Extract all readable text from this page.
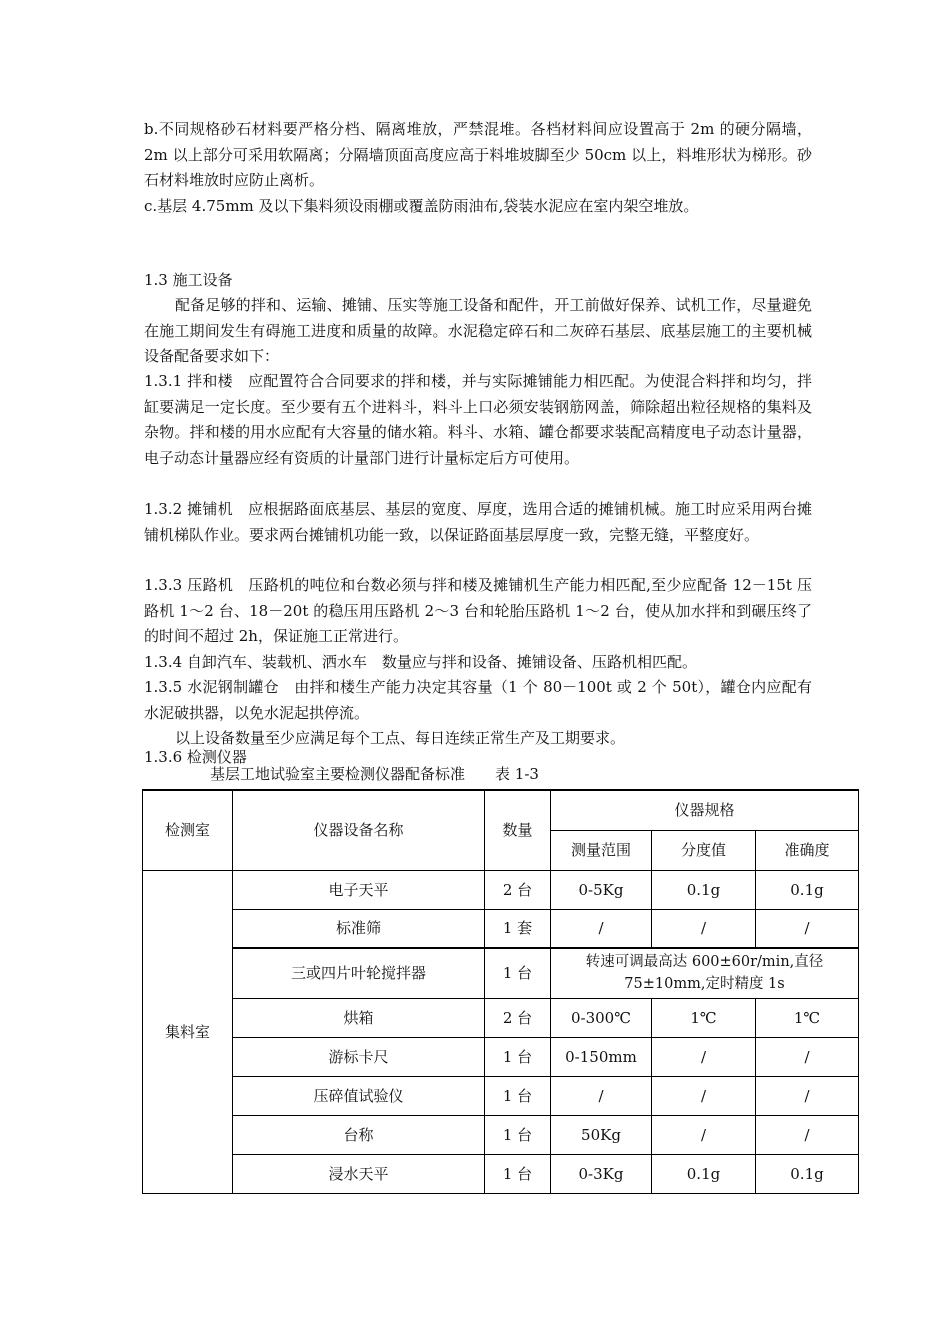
b.不同规格砂石材料要严格分档、隔离堆放，严禁混堆。各档材料间应设置高于 2m 的硬分隔墙，2m 以上部分可采用软隔离；分隔墙顶面高度应高于料堆坡脚至少 50cm 以上，料堆形状为梯形。砂石材料堆放时应防止离析。

c.基层 4.75mm 及以下集料须设雨棚或覆盖防雨油布,袋装水泥应在室内架空堆放。

1.3 施工设备

配备足够的拌和、运输、摊铺、压实等施工设备和配件，开工前做好保养、试机工作，尽量避免在施工期间发生有碍施工进度和质量的故障。水泥稳定碎石和二灰碎石基层、底基层施工的主要机械设备配备要求如下：

1.3.1 拌和楼　应配置符合合同要求的拌和楼，并与实际摊铺能力相匹配。为使混合料拌和均匀，拌缸要满足一定长度。至少要有五个进料斗，料斗上口必须安装钢筋网盖，筛除超出粒径规格的集料及杂物。拌和楼的用水应配有大容量的储水箱。料斗、水箱、罐仓都要求装配高精度电子动态计量器，电子动态计量器应经有资质的计量部门进行计量标定后方可使用。

1.3.2 摊铺机　应根据路面底基层、基层的宽度、厚度，选用合适的摊铺机械。施工时应采用两台摊铺机梯队作业。要求两台摊铺机功能一致，以保证路面基层厚度一致，完整无缝，平整度好。

1.3.3 压路机　压路机的吨位和台数必须与拌和楼及摊铺机生产能力相匹配,至少应配备 12－15t 压路机 1～2 台、18－20t 的稳压用压路机 2～3 台和轮胎压路机 1～2 台，使从加水拌和到碾压终了的时间不超过 2h，保证施工正常进行。

1.3.4 自卸汽车、装载机、洒水车　数量应与拌和设备、摊铺设备、压路机相匹配。

1.3.5 水泥钢制罐仓　由拌和楼生产能力决定其容量（1 个 80－100t 或 2 个 50t），罐仓内应配有水泥破拱器，以免水泥起拱停流。

以上设备数量至少应满足每个工点、每日连续正常生产及工期要求。

1.3.6 检测仪器

基层工地试验室主要检测仪器配备标准　　表 1-3
检测室	仪器设备名称	数量	仪器规格		
			测量范围	分度值	准确度
集料室	电子天平	2 台	0-5Kg	0.1g	0.1g
	标准筛	1 套	/	/	/
	三或四片叶轮搅拌器	1 台	转速可调最高达 600±60r/min,直径 75±10mm,定时精度 1s		
	烘箱	2 台	0-300℃	1℃	1℃
	游标卡尺	1 台	0-150mm	/	/
	压碎值试验仪	1 台	/	/	/
	台称	1 台	50Kg	/	/
	浸水天平	1 台	0-3Kg	0.1g	0.1g
